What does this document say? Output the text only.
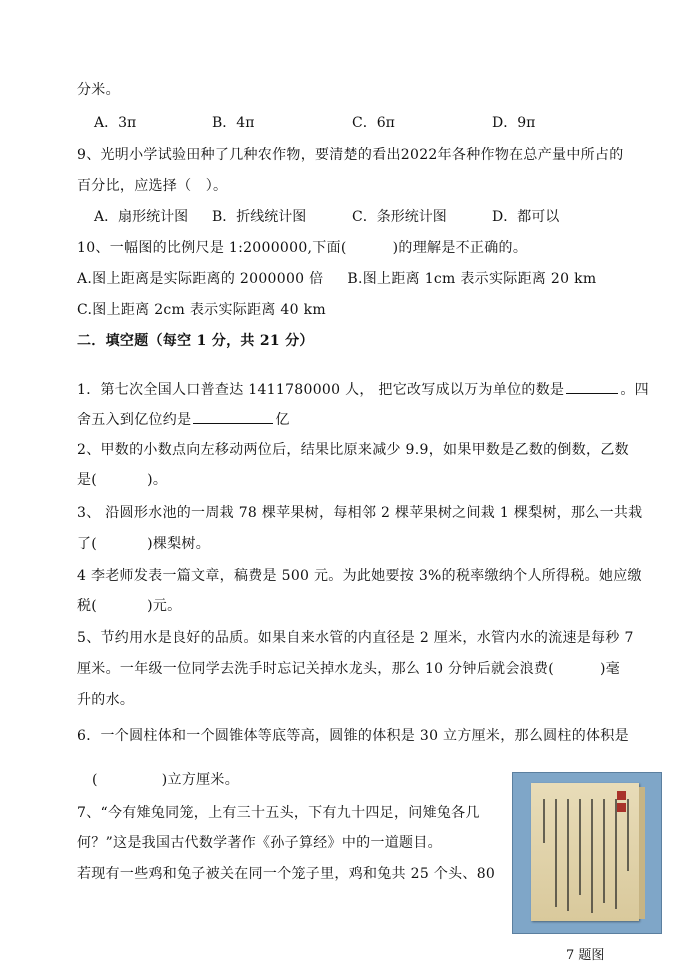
分米。
A．3π	B．4π	C．6π	D．9π
9、光明小学试验田种了几种农作物，要清楚的看出2022年各种作物在总产量中所占的
百分比，应选择（　）。
A．扇形统计图 B．折线统计图	C．条形统计图	D．都可以
10、一幅图的比例尺是 1:2000000,下面(	)的理解是不正确的。
A.图上距离是实际距离的 2000000 倍 B.图上距离 1cm 表示实际距离 20 km
C.图上距离 2cm 表示实际距离 40 km
二．填空题（每空 1 分，共 21 分）
1．第七次全国人口普查达 1411780000 人， 把它改写成以万为单位的数是	。四
舍五入到亿位约是	亿
2、甲数的小数点向左移动两位后，结果比原来减少 9.9，如果甲数是乙数的倒数，乙数
是(	)。
3、 沿圆形水池的一周栽 78 棵苹果树，每相邻 2 棵苹果树之间栽 1 棵梨树，那么一共栽
了(	)棵梨树。
4 李老师发表一篇文章，稿费是 500 元。为此她要按 3%的税率缴纳个人所得税。她应缴
税(	)元。
5、节约用水是良好的品质。如果自来水管的内直径是 2 厘米，水管内水的流速是每秒 7
厘米。一年级一位同学去洗手时忘记关掉水龙头，那么 10 分钟后就会浪费(	)毫
升的水。
6．一个圆柱体和一个圆锥体等底等高，圆锥的体积是 30 立方厘米，那么圆柱的体积是
(	)立方厘米。
7、“今有雉兔同笼，上有三十五头，下有九十四足，问雉兔各几
何？”这是我国古代数学著作《孙子算经》中的一道题目。
若现有一些鸡和兔子被关在同一个笼子里，鸡和兔共 25 个头、80
7 题图
